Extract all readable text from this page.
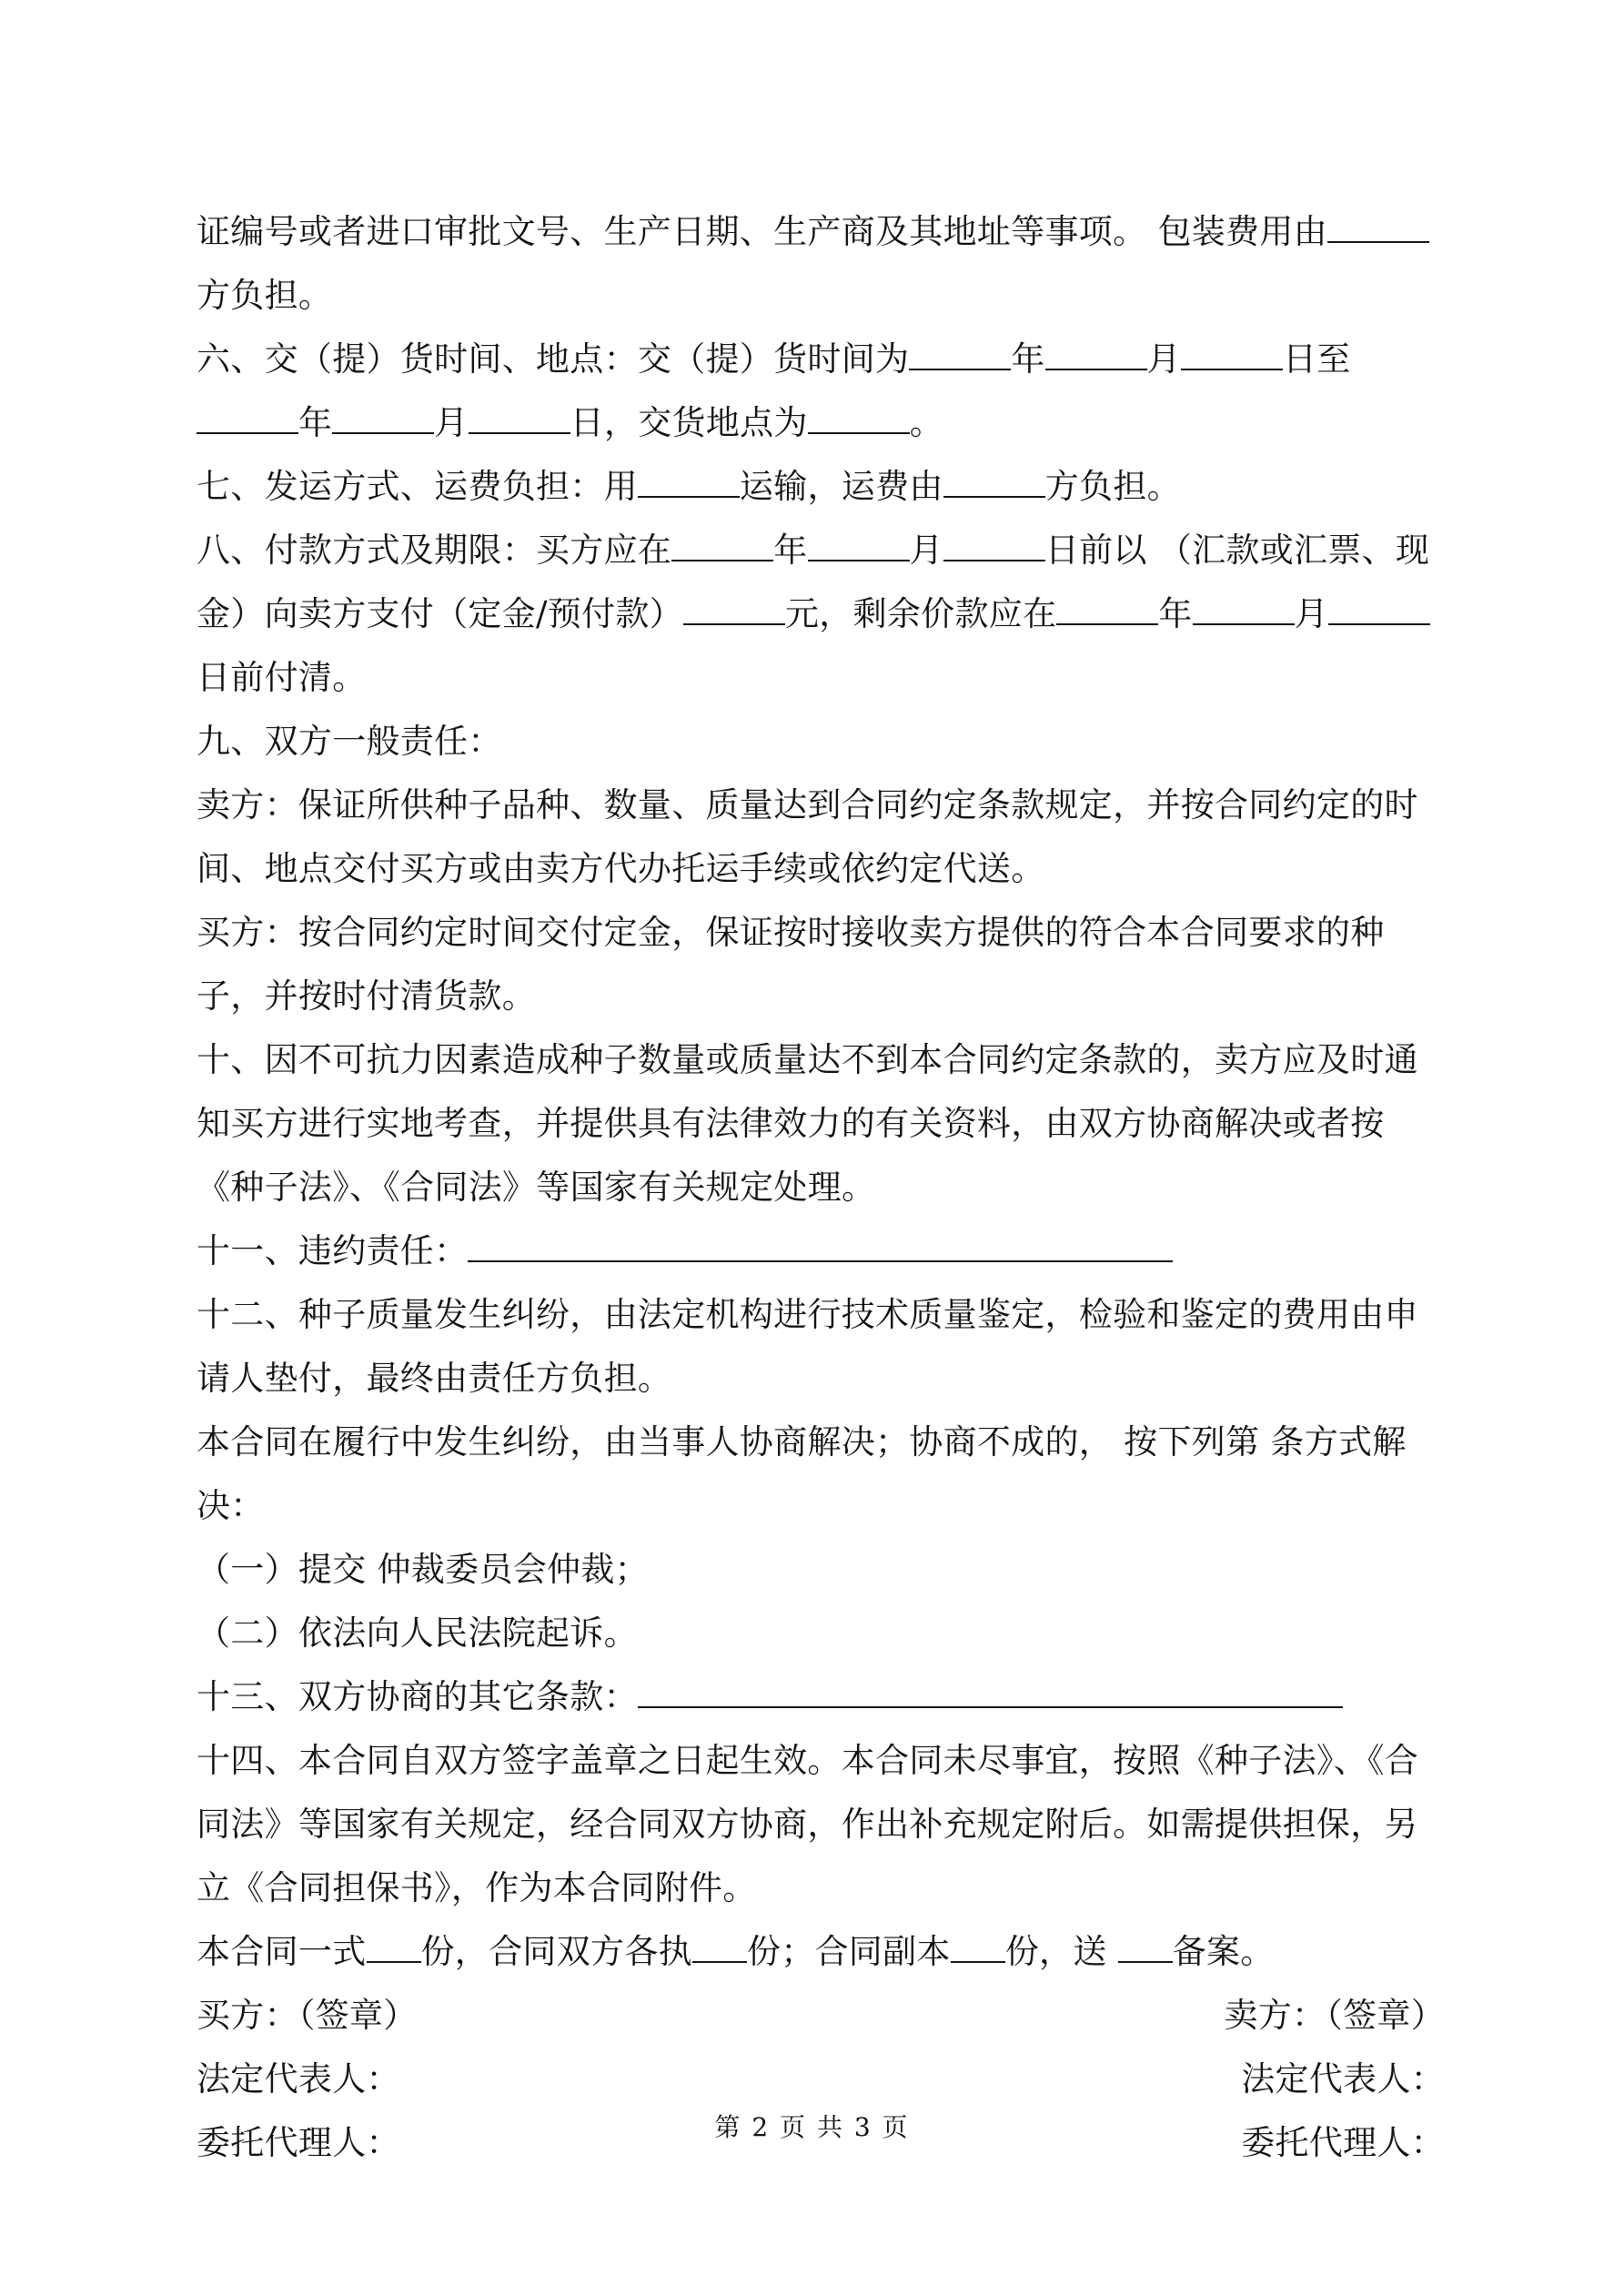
证编号或者进口审批文号、生产日期、生产商及其地址等事项。 包装费用由方负担。

六、交（提）货时间、地点：交（提）货时间为	年	月	日至年	月	日，交货地点为	。

七、发运方式、运费负担：用	运输，运费由	方负担。

八、付款方式及期限：买方应在	年	月	日前以 （汇款或汇票、现金）向卖方支付（定金/预付款）	元，剩余价款应在	年	月日前付清。

九、双方一般责任：

卖方：保证所供种子品种、数量、质量达到合同约定条款规定，并按合同约定的时间、地点交付买方或由卖方代办托运手续或依约定代送。

买方：按合同约定时间交付定金，保证按时接收卖方提供的符合本合同要求的种子，并按时付清货款。

十、因不可抗力因素造成种子数量或质量达不到本合同约定条款的，卖方应及时通知买方进行实地考查，并提供具有法律效力的有关资料，由双方协商解决或者按《种子法》、《合同法》等国家有关规定处理。

十一、违约责任：

十二、种子质量发生纠纷，由法定机构进行技术质量鉴定，检验和鉴定的费用由申请人垫付，最终由责任方负担。

本合同在履行中发生纠纷，由当事人协商解决；协商不成的， 按下列第 条方式解决：

（一）提交 仲裁委员会仲裁；

（二）依法向人民法院起诉。

十三、双方协商的其它条款：

十四、本合同自双方签字盖章之日起生效。本合同未尽事宜，按照《种子法》、《合同法》等国家有关规定，经合同双方协商，作出补充规定附后。如需提供担保，另立《合同担保书》，作为本合同附件。

本合同一式 份，合同双方各执 份；合同副本 份，送 备案。

买方：（签章）	卖方：（签章）
法定代表人：	法定代表人：
委托代理人：	委托代理人：
第 2 页 共 3 页
